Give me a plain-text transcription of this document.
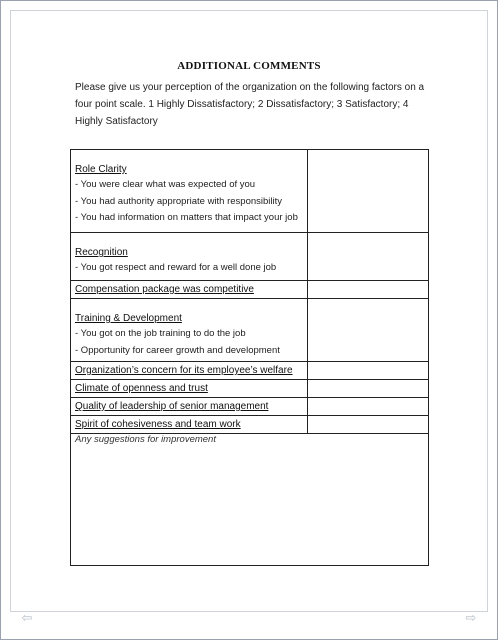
ADDITIONAL COMMENTS
Please give us your perception of the organization on the following factors on a four point scale. 1 Highly Dissatisfactory; 2 Dissatisfactory; 3 Satisfactory; 4 Highly Satisfactory
Role Clarity
- You were clear what was expected of you
- You had authority appropriate with responsibility
- You had information on matters that impact your job	

Recognition
- You got respect and reward for a well done job	

Compensation package was competitive	

Training & Development
- You got on the job training to do the job
- Opportunity for career growth and development	

Organization’s concern for its employee’s welfare	

Climate of openness and trust	

Quality of leadership of senior management	

Spirit of cohesiveness and team work	

Any suggestions for improvement	
⇦	⇨
